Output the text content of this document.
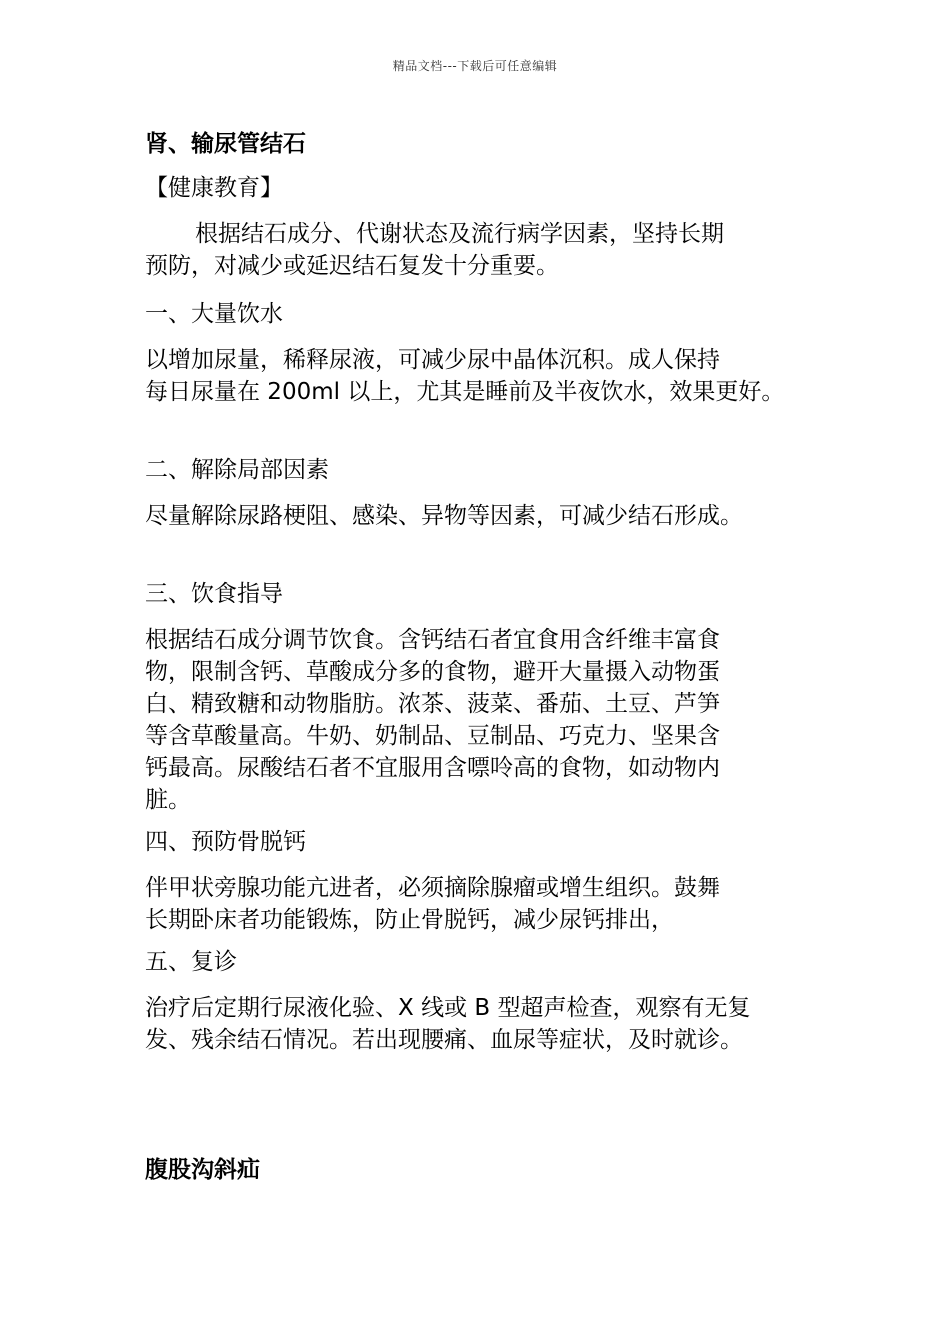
精品文档---下载后可任意编辑
肾、输尿管结石
【健康教育】
根据结石成分、代谢状态及流行病学因素，坚持长期
预防，对减少或延迟结石复发十分重要。
一、大量饮水
以增加尿量，稀释尿液，可减少尿中晶体沉积。成人保持
每日尿量在 200ml 以上，尤其是睡前及半夜饮水，效果更好。
二、解除局部因素
尽量解除尿路梗阻、感染、异物等因素，可减少结石形成。
三、饮食指导
根据结石成分调节饮食。含钙结石者宜食用含纤维丰富食
物，限制含钙、草酸成分多的食物，避开大量摄入动物蛋
白、精致糖和动物脂肪。浓茶、菠菜、番茄、土豆、芦笋
等含草酸量高。牛奶、奶制品、豆制品、巧克力、坚果含
钙最高。尿酸结石者不宜服用含嘌呤高的食物，如动物内
脏。
四、预防骨脱钙
伴甲状旁腺功能亢进者，必须摘除腺瘤或增生组织。鼓舞
长期卧床者功能锻炼，防止骨脱钙，减少尿钙排出，
五、复诊
治疗后定期行尿液化验、X 线或 B 型超声检查，观察有无复
发、残余结石情况。若出现腰痛、血尿等症状，及时就诊。
腹股沟斜疝
